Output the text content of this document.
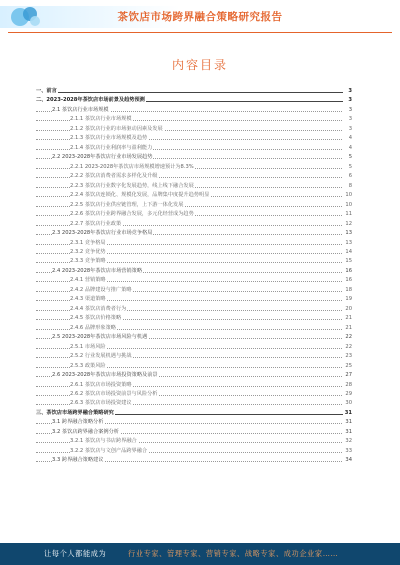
茶饮店市场跨界融合策略研究报告
内容目录
一、前言	3
二、2023-2028年茶饮店市场前景及趋势预测	3
2.1 茶饮店行业市场规模	3
2.1.1 茶饮店行业市场规模	3
2.1.2 茶饮店行业的市场驱动因素及发展	3
2.1.3 茶饮店行业市场规模及趋势	4
2.1.4 茶饮店行业利润率与盈利能力	4
2.2 2023-2028年茶饮店行业市场发展趋势	5
2.2.1 2023-2028年茶饮店市场规模增速预计为8.3%	5
2.2.2 茶饮店消费者需求多样化及升级	6
2.2.3 茶饮店行业数字化发展趋势，线上线下融合发展	8
2.2.4 茶饮店连锁化、规模化发展，品牌集中度提升趋势明显	10
2.2.5 茶饮店行业供应链管理，上下游一体化发展	10
2.2.6 茶饮店行业跨界融合发展，多元化经营成为趋势	11
2.2.7 茶饮店行业政策	12
2.3 2023-2028年茶饮店行业市场竞争格局	13
2.3.1 竞争格局	13
2.3.2 竞争优势	14
2.3.3 竞争策略	15
2.4 2023-2028年茶饮店市场营销策略	16
2.4.1 营销策略	16
2.4.2 品牌建设与推广策略	18
2.4.3 渠道策略	19
2.4.4 茶饮店消费者行为	20
2.4.5 茶饮店价格策略	21
2.4.6 品牌形象策略	21
2.5 2023-2028年茶饮店市场风险与机遇	22
2.5.1 市场风险	22
2.5.2 行业发展机遇与挑战	23
2.5.3 政策风险	25
2.6 2023-2028年茶饮店市场投资策略及前景	27
2.6.1 茶饮店市场投资策略	28
2.6.2 茶饮店市场投资前景与风险分析	29
2.6.3 茶饮店市场投资建议	30
三、茶饮店市场跨界融合策略研究	31
3.1 跨界融合策略分析	31
3.2 茶饮店跨界融合案例分析	31
3.2.1 茶饮店与书店跨界融合	32
3.2.2 茶饮店与文创产品跨界融合	33
3.3 跨界融合策略建议	34
让每个人都能成为	行业专家、管理专家、营销专家、战略专家、成功企业家……
